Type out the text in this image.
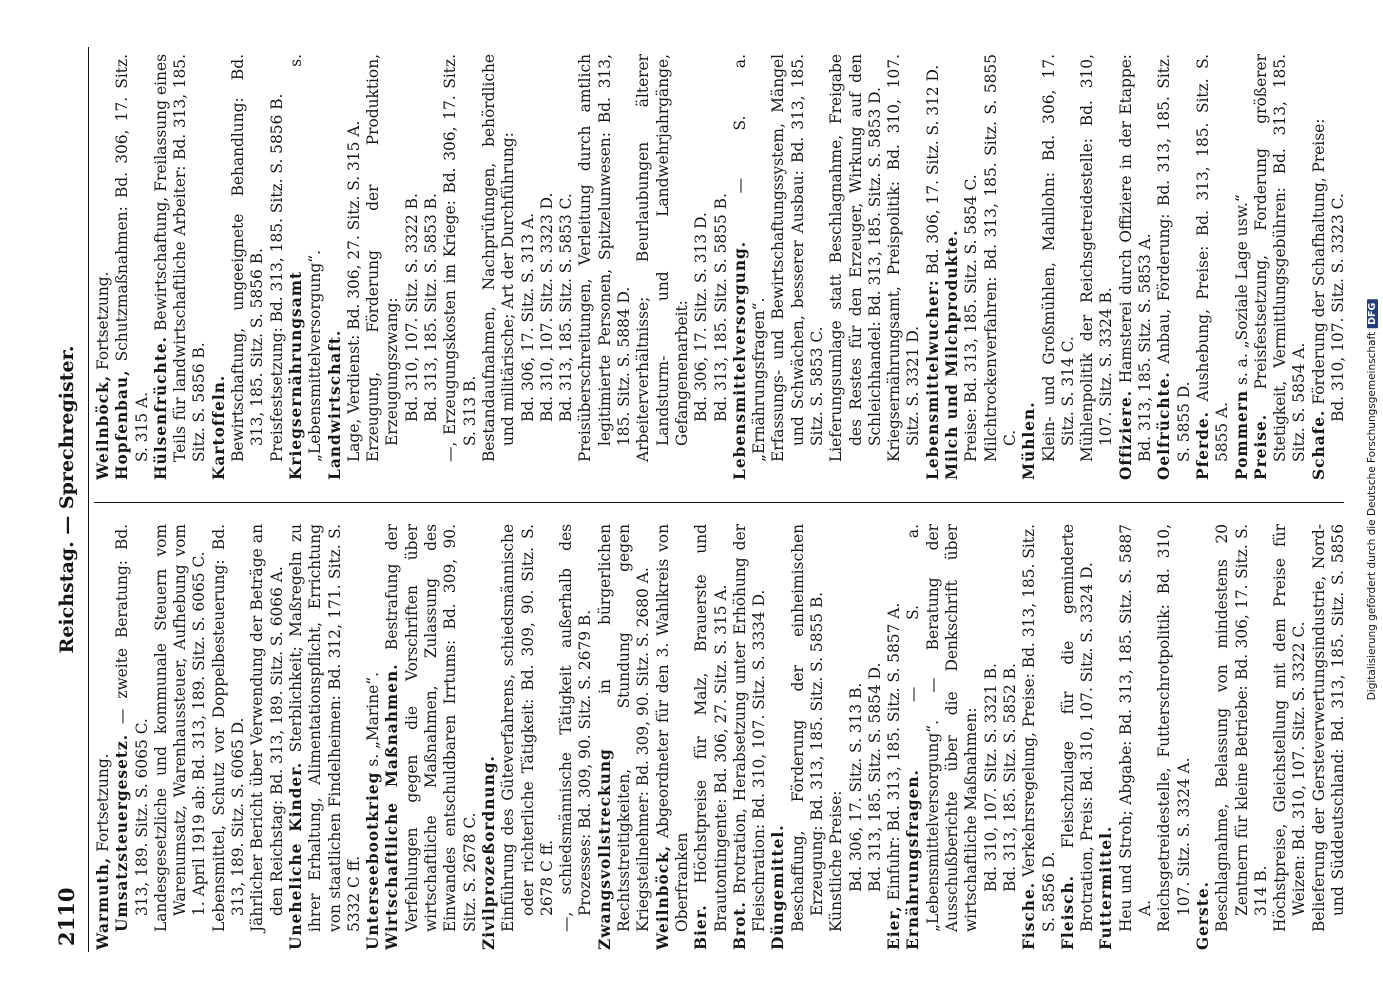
2110
Reichstag. — Sprechregister.

Warmuth, Fortsetzung. Umsatzsteuergesetz. — zweite Beratung: Bd. 313, 189. Sitz. S. 6065 C. Landesgesetzliche und kommunale Steuern vom Warenumsatz, Warenhaussteuer, Aufhebung vom 1. April 1919 ab: Bd. 313, 189. Sitz. S. 6065 C. Lebensmittel, Schutz vor Doppelbesteuerung: Bd. 313, 189. Sitz. S. 6065 D. Jährlicher Bericht über Verwendung der Beträge an den Reichstag: Bd. 313, 189. Sitz. S. 6066 A. Uneheliche Kinder. Sterblichkeit; Maßregeln zu ihrer Erhaltung, Alimentationspflicht, Errichtung von staatlichen Findelheimen: Bd. 312, 171. Sitz. S. 5332 C ff. Unterseebootkrieg s. „Marine“. Wirtschaftliche Maßnahmen. Bestrafung der Verfehlungen gegen die Vorschriften über wirtschaftliche Maßnahmen, Zulassung des Einwandes entschuldbaren Irrtums: Bd. 309, 90. Sitz. S. 2678 C. Zivilprozeßordnung. Einführung des Güteverfahrens, schiedsmännische oder richterliche Tätigkeit: Bd. 309, 90. Sitz. S. 2678 C ff. —, schiedsmännische Tätigkeit außerhalb des Prozesses: Bd. 309, 90. Sitz. S. 2679 B. Zwangsvollstreckung in bürgerlichen Rechtsstreitigkeiten, Stundung gegen Kriegsteilnehmer: Bd. 309, 90. Sitz. S. 2680 A. Weilnböck, Abgeordneter für den 3. Wahlkreis von Oberfranken Bier. Höchstpreise für Malz, Brauerste und Brautontingente: Bd. 306, 27. Sitz. S. 315 A. Brot. Brotration, Herabsetzung unter Erhöhung der Fleischration: Bd. 310, 107. Sitz. S. 3334 D. Düngemittel. Beschaffung, Förderung der einheimischen Erzeugung: Bd. 313, 185. Sitz. S. 5855 B. Künstliche Preise: Bd. 306, 17. Sitz. S. 313 B. Bd. 313, 185. Sitz. S. 5854 D.

Eier, Einfuhr: Bd. 313, 185. Sitz. S. 5857 A. Ernährungsfragen. — S. a. „Lebensmittelversorgung“. — Beratung der Ausschußberichte über die Denkschrift über wirtschaftliche Maßnahmen: Bd. 310, 107. Sitz. S. 3321 B. Bd. 313, 185. Sitz. S. 5852 B.

Fische. Verkehrsregelung, Preise: Bd. 313, 185. Sitz. S. 5856 D. Fleisch. Fleischzulage für die geminderte Brotration, Preis: Bd. 310, 107. Sitz. S. 3324 D. Futtermittel. Heu und Stroh; Abgabe: Bd. 313, 185. Sitz. S. 5887 A. Reichsgetreidestelle, Futterschrotpolitik: Bd. 310, 107. Sitz. S. 3324 A. Gerste. Beschlagnahme, Belassung von mindestens 20 Zentnern für kleine Betriebe: Bd. 306, 17. Sitz. S. 314 B. Höchstpreise, Gleichstellung mit dem Preise für Weizen: Bd. 310, 107. Sitz. S. 3322 C. Belieferung der Gersteverwertungsindustrie, Nord- und Süddeutschland: Bd. 313, 185. Sitz. S. 5856

Weilnböck, Fortsetzung.

Hopfenbau, Schutzmaßnahmen: Bd. 306, 17. Sitz. S. 315 A. Hülsenfrüchte. Bewirtschaftung, Freilassung eines Teils für landwirtschaftliche Arbeiter: Bd. 313, 185. Sitz. S. 5856 B. Kartoffeln. Bewirtschaftung, ungeeignete Behandlung: Bd. 313, 185. Sitz. S. 5856 B. Preisfestsetzung: Bd. 313, 185. Sitz. S. 5856 B. Kriegsernährungsamt s. „Lebensmittelversorgung“. Landwirtschaft. Lage, Verdienst: Bd. 306, 27. Sitz. S. 315 A. Erzeugung, Förderung der Produktion, Erzeugungszwang: Bd. 310, 107. Sitz. S. 3322 B. Bd. 313, 185. Sitz. S. 5853 B. —, Erzeugungskosten im Kriege: Bd. 306, 17. Sitz. S. 313 B. Bestandaufnahmen, Nachprüfungen, behördliche und militärische; Art der Durchführung: Bd. 306, 17. Sitz. S. 313 A. Bd. 310, 107. Sitz. S. 3323 D. Bd. 313, 185. Sitz. S. 5853 C. Preisüberschreitungen, Verleitung durch amtlich legitimierte Personen, Spitzelunwesen: Bd. 313, 185. Sitz. S. 5884 D. Arbeiterverhältnisse; Beurlaubungen älterer Landsturm- und Landwehrjahrgänge, Gefangenenarbeit: Bd. 306, 17. Sitz. S. 313 D. Bd. 313, 185. Sitz. S. 5855 B. Lebensmittelversorgung. — S. a. „Ernährungsfragen“. Erfassungs- und Bewirtschaftungssystem, Mängel und Schwächen, besserer Ausbau: Bd. 313, 185. Sitz. S. 5853 C. Lieferungsumlage statt Beschlagnahme, Freigabe des Restes für den Erzeuger, Wirkung auf den Schleichhandel: Bd. 313, 185. Sitz. S. 5853 D. Kriegsernährungsamt, Preispolitik: Bd. 310, 107. Sitz. S. 3321 D. Lebensmittelwucher: Bd. 306, 17. Sitz. S. 312 D.

Milch und Milchprodukte. Preise: Bd. 313, 185. Sitz. S. 5854 C. Milchtrockenverfahren: Bd. 313, 185. Sitz. S. 5855 C. Mühlen. Klein- und Großmühlen, Mahllohn: Bd. 306, 17. Sitz. S. 314 C. Mühlenpolitik der Reichsgetreidestelle: Bd. 310, 107. Sitz. S. 3324 B. Offiziere. Hamsterei durch Offiziere in der Etappe: Bd. 313, 185. Sitz. S. 5853 A. Oelfrüchte. Anbau, Förderung: Bd. 313, 185. Sitz. S. 5855 D. Pferde. Aushebung, Preise: Bd. 313, 185. Sitz. S. 5855 A. Pommern s. a. „Soziale Lage usw.“

Preise. Preisfestsetzung, Forderung größerer Stetigkeit, Vermittlungsgebühren: Bd. 313, 185. Sitz. S. 5854 A. Schafe. Förderung der Schafhaltung, Preise: Bd. 310, 107. Sitz. S. 3323 C.

Digitalisierung gefördert durch die Deutsche ForschungsgemeinschaftDFG
